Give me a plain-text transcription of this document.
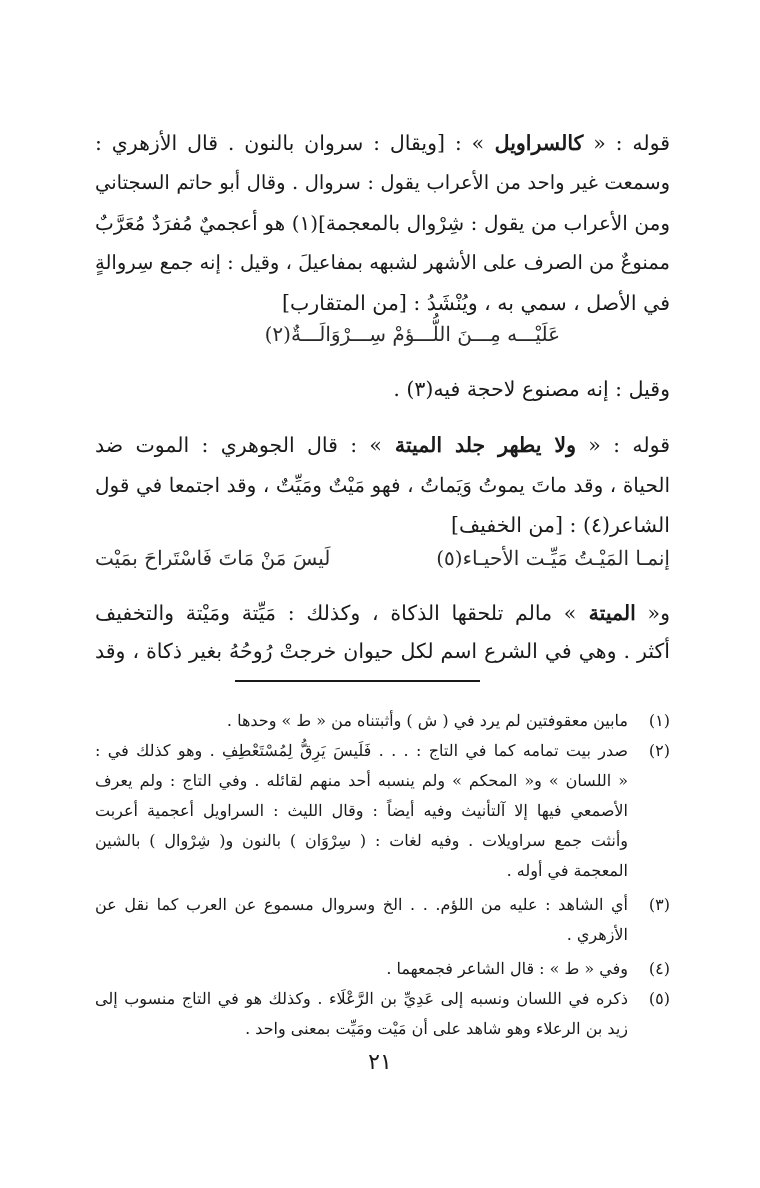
قوله : « كالسراويل » : [ويقال : سروان بالنون . قال الأزهري :
وسمعت غير واحد من الأعراب يقول : سروال . وقال أبو حاتم السجتاني
ومن الأعراب من يقول : شِرْوال بالمعجمة](١) هو أعجميٌ مُفرَدٌ مُعَرَّبٌ
ممنوعٌ من الصرف على الأشهر لشبهه بمفاعيلَ ، وقيل : إنه جمع سِروالةٍ
في الأصل ، سمي به ، ويُنْشَدُ : [من المتقارب]
عَلَيْـــه مِـــنَ اللُّـــؤمْ سِـــرْوَالَـــةٌ(٢)
وقيل : إنه مصنوع لاحجة فيه(٣) .
قوله : « ولا يطهر جلد الميتة » : قال الجوهري : الموت ضد
الحياة ، وقد ماتَ يموتُ وَيَماتُ ، فهو مَيْتٌ ومَيِّتٌ ، وقد اجتمعا في قول
الشاعر(٤) : [من الخفيف]
إنمـا المَيْـتُ مَيِّـت الأحيـاء(٥)
لَيسَ مَنْ مَاتَ فَاسْتَراحَ بمَيْت
و« الميتة » مالم تلحقها الذكاة ، وكذلك : مَيِّتة ومَيْتة والتخفيف
أكثر . وهي في الشرع اسم لكل حيوان خرجتْ رُوحُهُ بغير ذكاة ، وقد
(١)مابين معقوفتين لم يرد في ( ش ) وأثبتناه من « ط » وحدها .
(٢)صدر بيت تمامه كما في التاج : . . . فَلَيسَ يَرِقُّ لِمُسْتَعْطِفِ . وهو كذلك في :
« اللسان » و« المحكم » ولم ينسبه أحد منهم لقائله . وفي التاج : ولم يعرف
الأصمعي فيها إلا آلتأنيث وفيه أيضاً : وقال الليث : السراويل أعجمية أعربت
وأنثت جمع سراويلات . وفيه لغات : ( سِرْوَان ) بالنون و( شِرْوال ) بالشين
المعجمة في أوله .
(٣)أي الشاهد : عليه من اللؤم. . . الخ وسروال مسموع عن العرب كما نقل عن
الأزهري .
(٤)وفي « ط » : قال الشاعر فجمعهما .
(٥)ذكره في اللسان ونسبه إلى عَدِيِّ بن الرَّعْلَاء . وكذلك هو في التاج منسوب إلى
زيد بن الرعلاء وهو شاهد على أن مَيْت ومَيِّت بمعنى واحد .
٢١
